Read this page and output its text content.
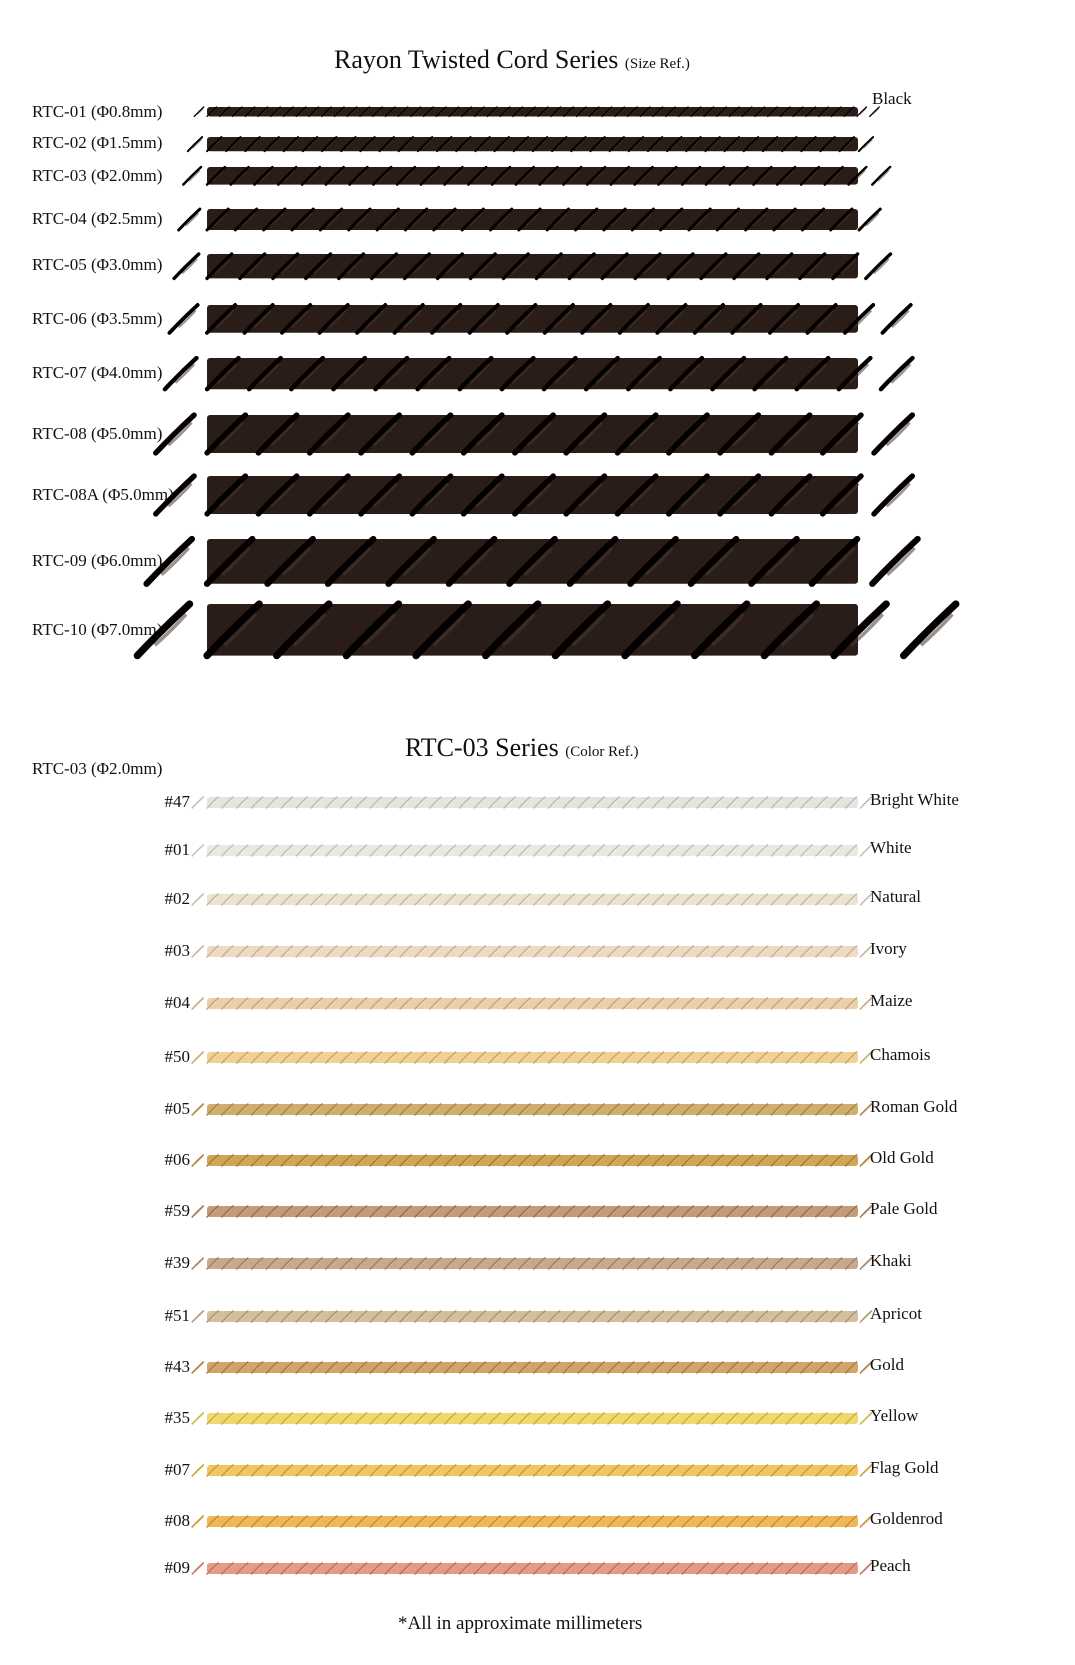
Rayon Twisted Cord Series (Size Ref.)
Black
RTC-01 (Φ0.8mm)
RTC-02 (Φ1.5mm)
RTC-03 (Φ2.0mm)
RTC-04 (Φ2.5mm)
RTC-05 (Φ3.0mm)
RTC-06 (Φ3.5mm)
RTC-07 (Φ4.0mm)
RTC-08 (Φ5.0mm)
RTC-08A (Φ5.0mm)
RTC-09 (Φ6.0mm)
RTC-10 (Φ7.0mm)
RTC-03 Series (Color Ref.)
RTC-03 (Φ2.0mm)
#47	Bright White
#01	White
#02	Natural
#03	Ivory
#04	Maize
#50	Chamois
#05	Roman Gold
#06	Old Gold
#59	Pale Gold
#39	Khaki
#51	Apricot
#43	Gold
#35	Yellow
#07	Flag Gold
#08	Goldenrod
#09	Peach
*All in approximate millimeters
